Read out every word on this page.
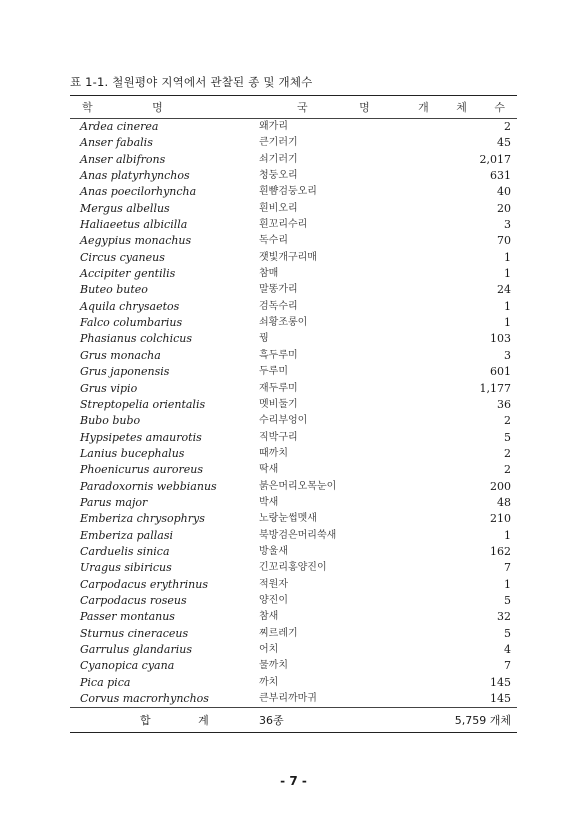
표 1-1. 철원평야 지역에서 관찰된 종 및 개체수
학 명	국 명	개 체 수
Ardea cinerea	왜가리	2
Anser fabalis	큰기러기	45
Anser albifrons	쇠기러기	2,017
Anas platyrhynchos	청둥오리	631
Anas poecilorhyncha	흰뺨검둥오리	40
Mergus albellus	흰비오리	20
Haliaeetus albicilla	흰꼬리수리	3
Aegypius monachus	독수리	70
Circus cyaneus	잿빛개구리매	1
Accipiter gentilis	참매	1
Buteo buteo	말똥가리	24
Aquila chrysaetos	검독수리	1
Falco columbarius	쇠황조롱이	1
Phasianus colchicus	꿩	103
Grus monacha	흑두루미	3
Grus japonensis	두루미	601
Grus vipio	재두루미	1,177
Streptopelia orientalis	멧비둘기	36
Bubo bubo	수리부엉이	2
Hypsipetes amaurotis	직박구리	5
Lanius bucephalus	때까치	2
Phoenicurus auroreus	딱새	2
Paradoxornis webbianus	붉은머리오목눈이	200
Parus major	박새	48
Emberiza chrysophrys	노랑눈썹멧새	210
Emberiza pallasi	북방검은머리쑥새	1
Carduelis sinica	방울새	162
Uragus sibiricus	긴꼬리홍양진이	7
Carpodacus erythrinus	적원자	1
Carpodacus roseus	양진이	5
Passer montanus	참새	32
Sturnus cineraceus	찌르레기	5
Garrulus glandarius	어치	4
Cyanopica cyana	물까치	7
Pica pica	까치	145
Corvus macrorhynchos	큰부리까마귀	145
합 계	36종	5,759 개체
- 7 -
